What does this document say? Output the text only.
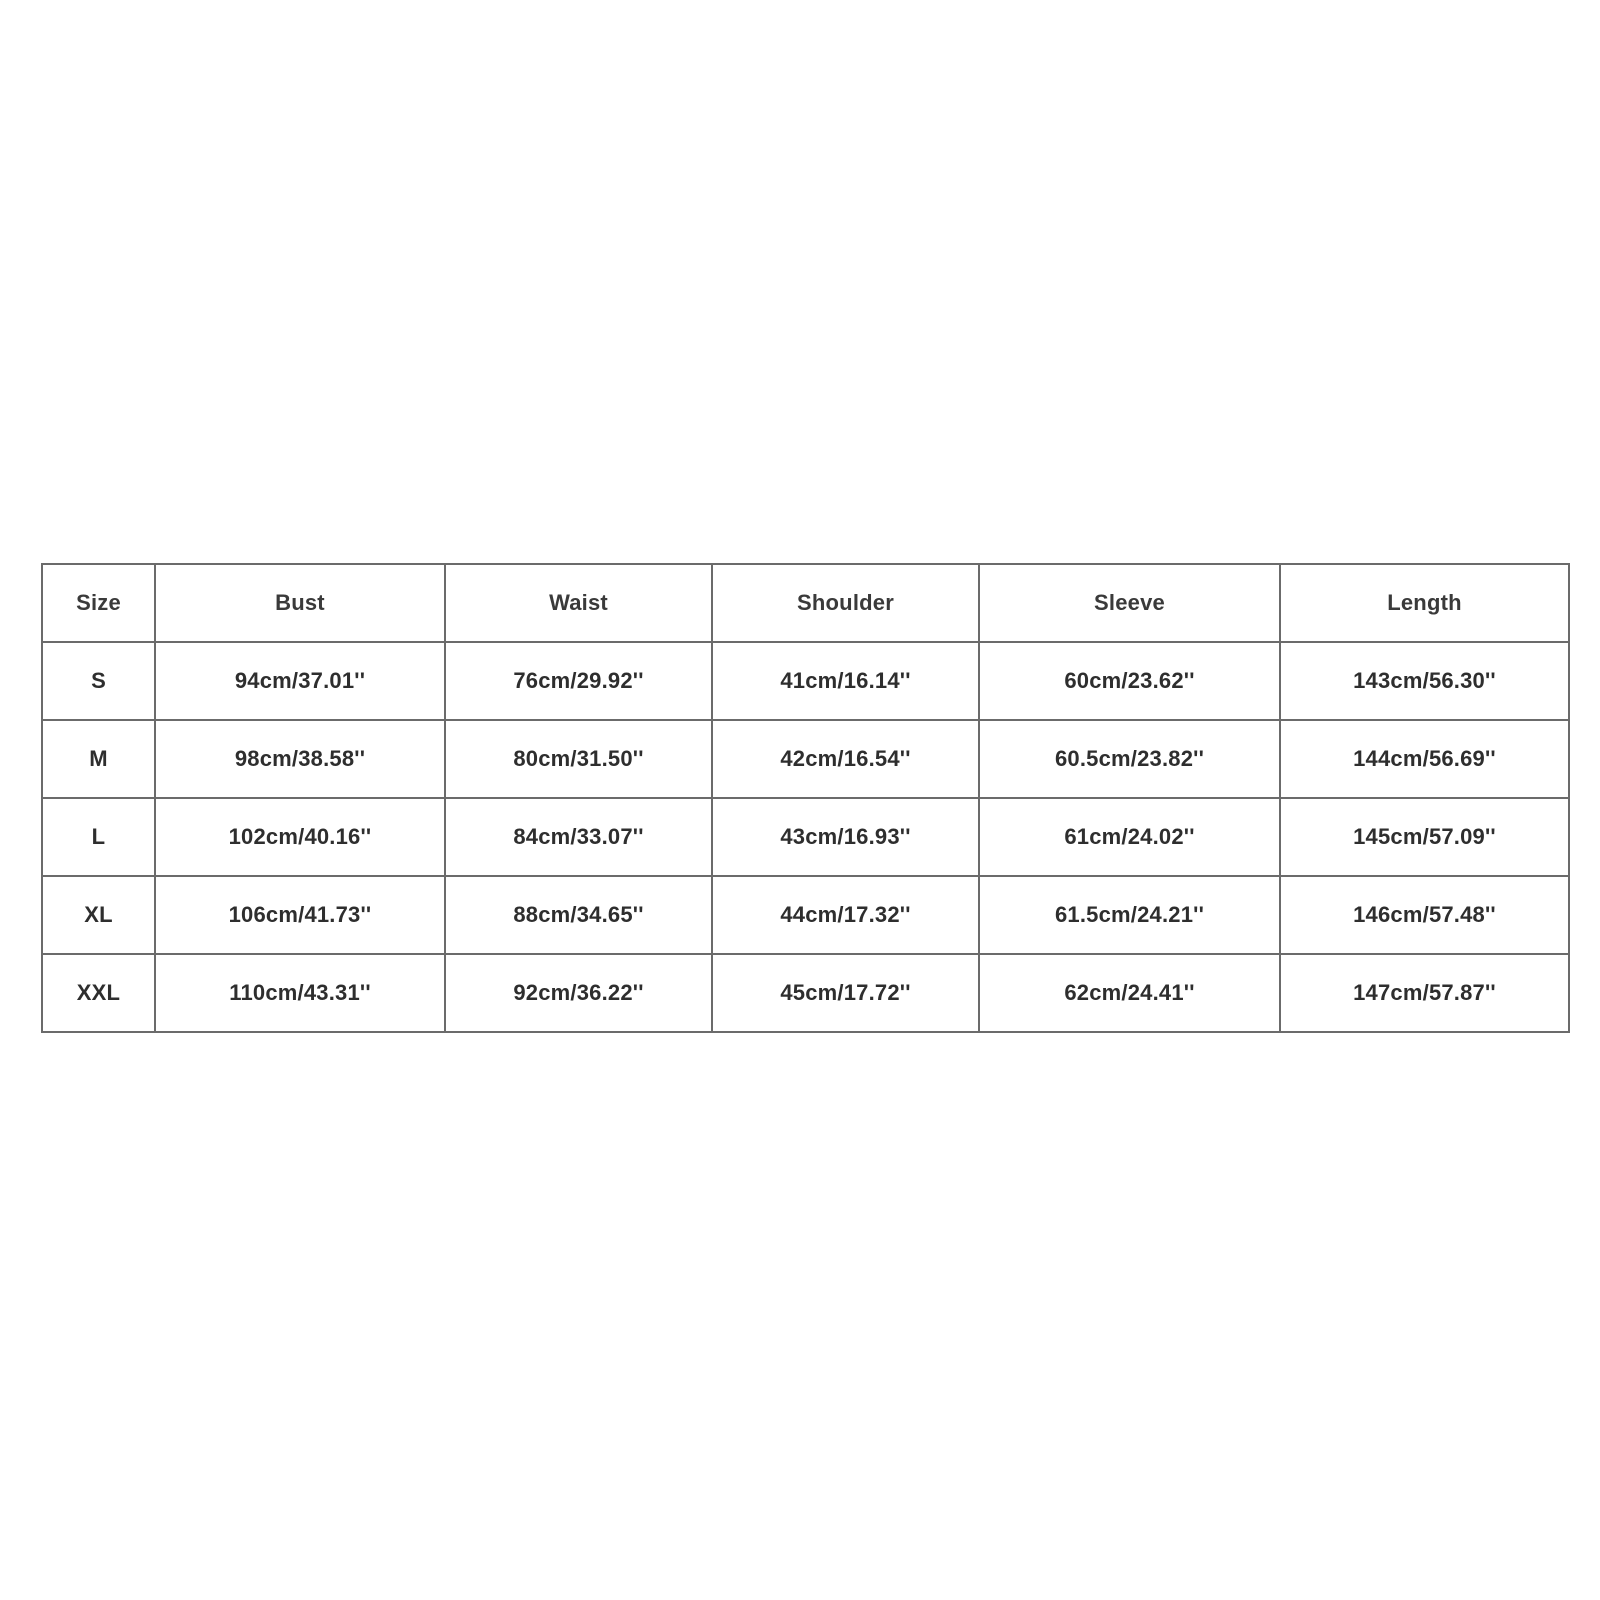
Size	Bust	Waist	Shoulder	Sleeve	Length
S	94cm/37.01''	76cm/29.92''	41cm/16.14''	60cm/23.62''	143cm/56.30''
M	98cm/38.58''	80cm/31.50''	42cm/16.54''	60.5cm/23.82''	144cm/56.69''
L	102cm/40.16''	84cm/33.07''	43cm/16.93''	61cm/24.02''	145cm/57.09''
XL	106cm/41.73''	88cm/34.65''	44cm/17.32''	61.5cm/24.21''	146cm/57.48''
XXL	110cm/43.31''	92cm/36.22''	45cm/17.72''	62cm/24.41''	147cm/57.87''
